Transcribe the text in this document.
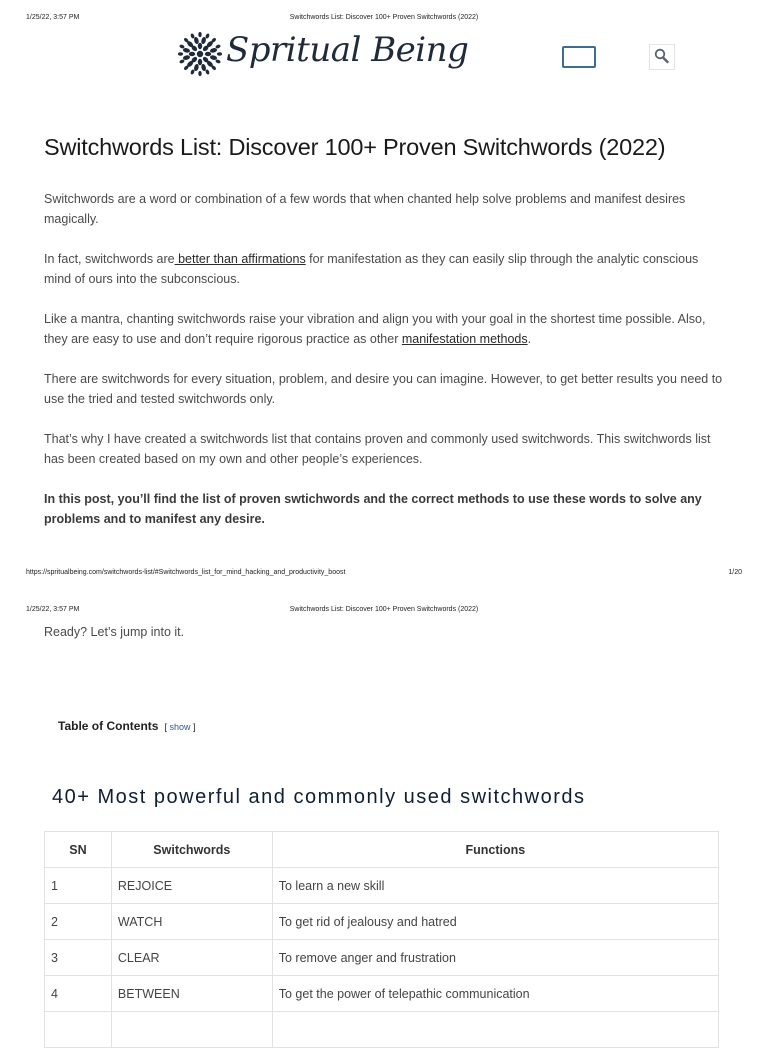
1/25/22, 3:57 PM	Switchwords List: Discover 100+ Proven Switchwords (2022)
Spritual Being
Switchwords List: Discover 100+ Proven Switchwords (2022)

Switchwords are a word or combination of a few words that when chanted help solve problems and manifest desires magically.

In fact, switchwords are better than affirmations for manifestation as they can easily slip through the analytic conscious mind of ours into the subconscious.

Like a mantra, chanting switchwords raise your vibration and align you with your goal in the shortest time possible. Also, they are easy to use and don’t require rigorous practice as other manifestation methods.

There are switchwords for every situation, problem, and desire you can imagine. However, to get better results you need to use the tried and tested switchwords only.

That’s why I have created a switchwords list that contains proven and commonly used switchwords. This switchwords list has been created based on my own and other people’s experiences.

In this post, you’ll find the list of proven swtichwords and the correct methods to use these words to solve any problems and to manifest any desire.

https://spritualbeing.com/switchwords-list/#Switchwords_list_for_mind_hacking_and_productivity_boost	1/20
1/25/22, 3:57 PM	Switchwords List: Discover 100+ Proven Switchwords (2022)

Ready? Let’s jump into it.

Table of Contents [ show ]
40+ Most powerful and commonly used switchwords
SN	Switchwords	Functions
1	REJOICE	To learn a new skill
2	WATCH	To get rid of jealousy and hatred
3	CLEAR	To remove anger and frustration
4	BETWEEN	To get the power of telepathic communication
